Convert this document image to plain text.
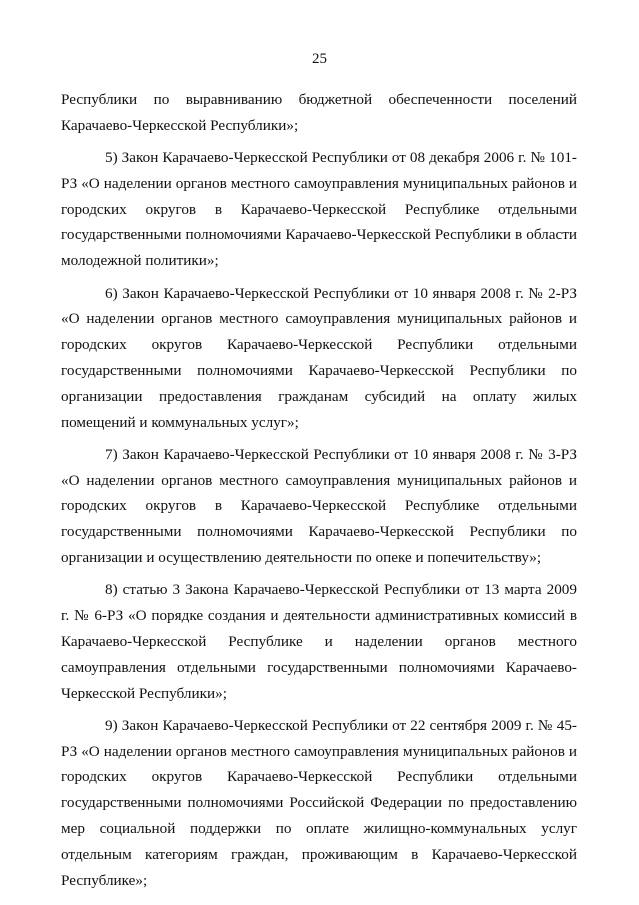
25

Республики по выравниванию бюджетной обеспеченности поселений Карачаево-Черкесской Республики»;

5) Закон Карачаево-Черкесской Республики от 08 декабря 2006 г. № 101-РЗ «О наделении органов местного самоуправления муниципальных районов и городских округов в Карачаево-Черкесской Республике отдельными государственными полномочиями Карачаево-Черкесской Республики в области молодежной политики»;

6) Закон Карачаево-Черкесской Республики от 10 января 2008 г. № 2-РЗ «О наделении органов местного самоуправления муниципальных районов и городских округов Карачаево-Черкесской Республики отдельными государственными полномочиями Карачаево-Черкесской Республики по организации предоставления гражданам субсидий на оплату жилых помещений и коммунальных услуг»;

7) Закон Карачаево-Черкесской Республики от 10 января 2008 г. № 3-РЗ «О наделении органов местного самоуправления муниципальных районов и городских округов в Карачаево-Черкесской Республике отдельными государственными полномочиями Карачаево-Черкесской Республики по организации и осуществлению деятельности по опеке и попечительству»;

8) статью 3 Закона Карачаево-Черкесской Республики от 13 марта 2009 г. № 6-РЗ «О порядке создания и деятельности административных комиссий в Карачаево-Черкесской Республике и наделении органов местного самоуправления отдельными государственными полномочиями Карачаево-Черкесской Республики»;

9) Закон Карачаево-Черкесской Республики от 22 сентября 2009 г. № 45-РЗ «О наделении органов местного самоуправления муниципальных районов и городских округов Карачаево-Черкесской Республики отдельными государственными полномочиями Российской Федерации по предоставлению мер социальной поддержки по оплате жилищно-коммунальных услуг отдельным категориям граждан, проживающим в Карачаево-Черкесской Республике»;
